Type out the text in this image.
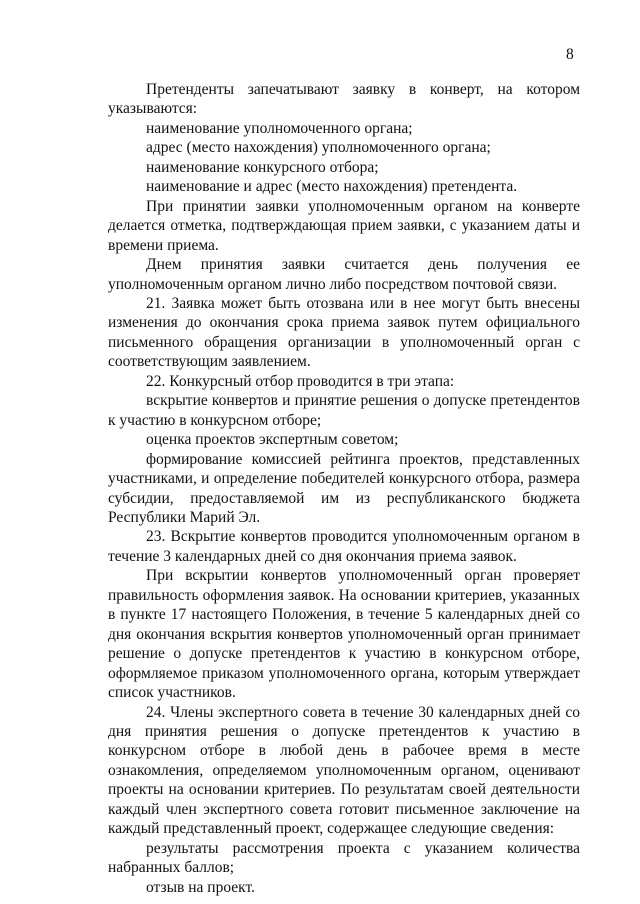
8

Претенденты запечатывают заявку в конверт, на котором указываются:

наименование уполномоченного органа;

адрес (место нахождения) уполномоченного органа;

наименование конкурсного отбора;

наименование и адрес (место нахождения) претендента.

При принятии заявки уполномоченным органом на конверте делается отметка, подтверждающая прием заявки, с указанием даты и времени приема.

Днем принятия заявки считается день получения ее уполномоченным органом лично либо посредством почтовой связи.

21. Заявка может быть отозвана или в нее могут быть внесены изменения до окончания срока приема заявок путем официального письменного обращения организации в уполномоченный орган с соответствующим заявлением.

22. Конкурсный отбор проводится в три этапа:

вскрытие конвертов и принятие решения о допуске претендентов к участию в конкурсном отборе;

оценка проектов экспертным советом;

формирование комиссией рейтинга проектов, представленных участниками, и определение победителей конкурсного отбора, размера субсидии, предоставляемой им из республиканского бюджета Республики Марий Эл.

23. Вскрытие конвертов проводится уполномоченным органом в течение 3 календарных дней со дня окончания приема заявок.

При вскрытии конвертов уполномоченный орган проверяет правильность оформления заявок. На основании критериев, указанных в пункте 17 настоящего Положения, в течение 5 календарных дней со дня окончания вскрытия конвертов уполномоченный орган принимает решение о допуске претендентов к участию в конкурсном отборе, оформляемое приказом уполномоченного органа, которым утверждает список участников.

24. Члены экспертного совета в течение 30 календарных дней со дня принятия решения о допуске претендентов к участию в конкурсном отборе в любой день в рабочее время в месте ознакомления, определяемом уполномоченным органом, оценивают проекты на основании критериев. По результатам своей деятельности каждый член экспертного совета готовит письменное заключение на каждый представленный проект, содержащее следующие сведения:

результаты рассмотрения проекта с указанием количества набранных баллов;

отзыв на проект.
